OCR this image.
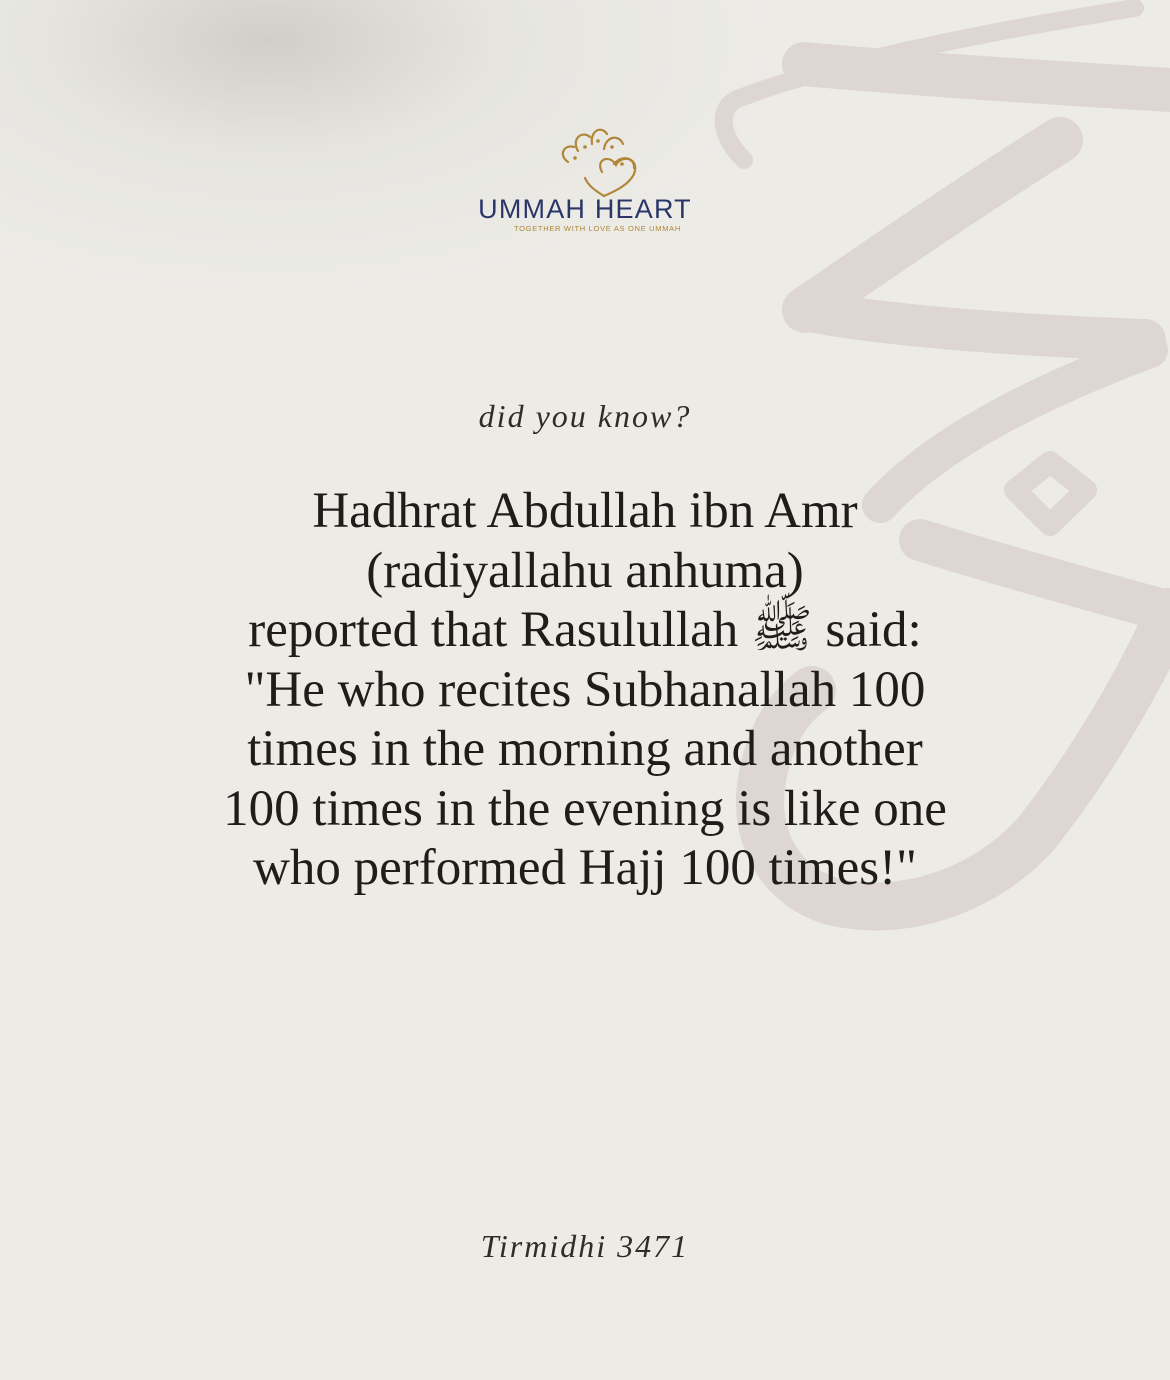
UMMAH HEART
TOGETHER WITH LOVE AS ONE UMMAH
did you know?
Hadhrat Abdullah ibn Amr
(radiyallahu anhuma)
reported that Rasulullah ﷺ said:
"He who recites Subhanallah 100
times in the morning and another
100 times in the evening is like one
who performed Hajj 100 times!"
Tirmidhi 3471
